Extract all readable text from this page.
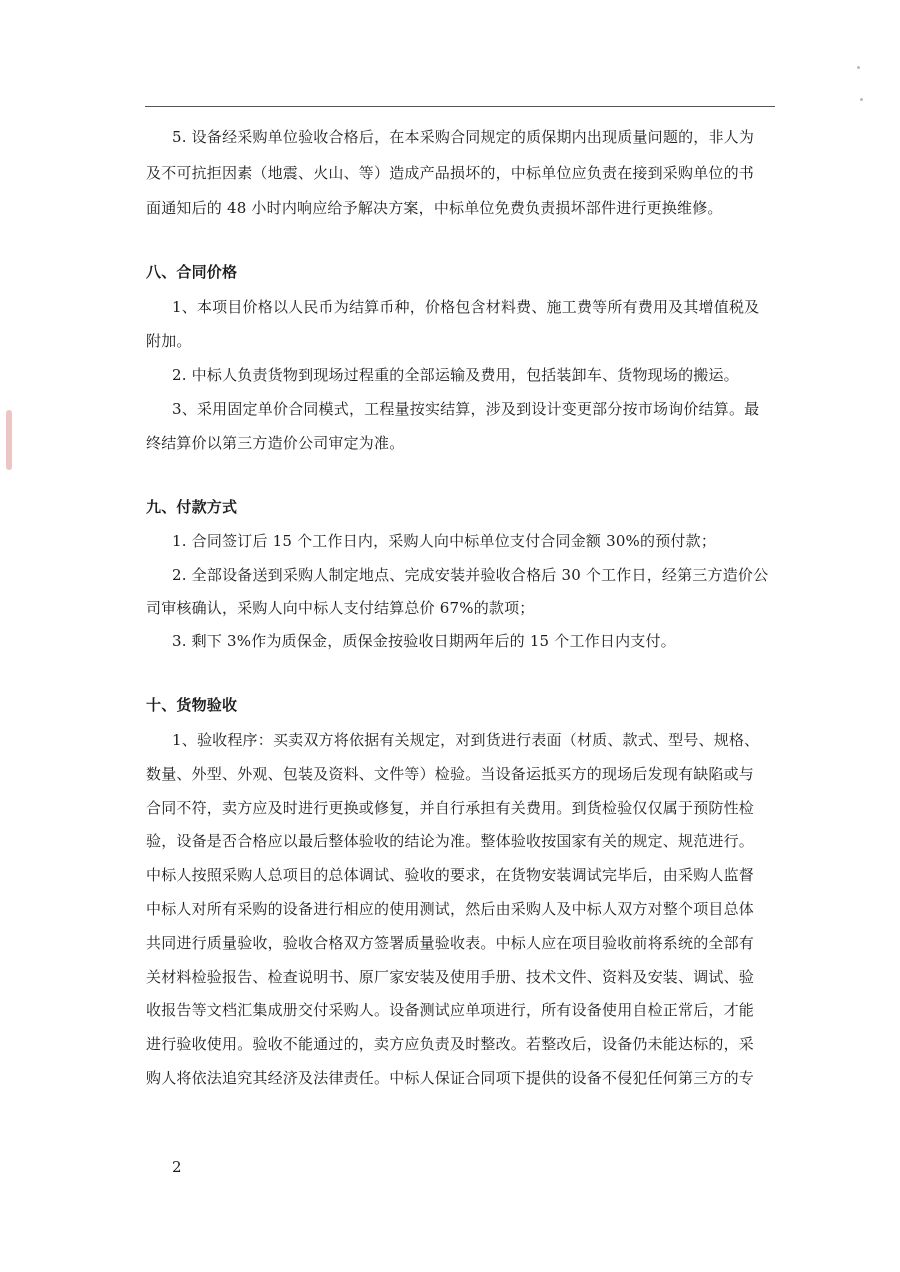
5. 设备经采购单位验收合格后，在本采购合同规定的质保期内出现质量问题的，非人为
及不可抗拒因素（地震、火山、等）造成产品损坏的，中标单位应负责在接到采购单位的书
面通知后的 48 小时内响应给予解决方案，中标单位免费负责损坏部件进行更换维修。
八、合同价格
1、本项目价格以人民币为结算币种，价格包含材料费、施工费等所有费用及其增值税及
附加。
2. 中标人负责货物到现场过程重的全部运输及费用，包括装卸车、货物现场的搬运。
3、采用固定单价合同模式，工程量按实结算，涉及到设计变更部分按市场询价结算。最
终结算价以第三方造价公司审定为准。
九、付款方式
1. 合同签订后 15 个工作日内，采购人向中标单位支付合同金额 30%的预付款；
2. 全部设备送到采购人制定地点、完成安装并验收合格后 30 个工作日，经第三方造价公
司审核确认，采购人向中标人支付结算总价 67%的款项；
3. 剩下 3%作为质保金，质保金按验收日期两年后的 15 个工作日内支付。
十、货物验收
1、验收程序：买卖双方将依据有关规定，对到货进行表面（材质、款式、型号、规格、
数量、外型、外观、包装及资料、文件等）检验。当设备运抵买方的现场后发现有缺陷或与
合同不符，卖方应及时进行更换或修复，并自行承担有关费用。到货检验仅仅属于预防性检
验，设备是否合格应以最后整体验收的结论为准。整体验收按国家有关的规定、规范进行。
中标人按照采购人总项目的总体调试、验收的要求，在货物安装调试完毕后，由采购人监督
中标人对所有采购的设备进行相应的使用测试，然后由采购人及中标人双方对整个项目总体
共同进行质量验收，验收合格双方签署质量验收表。中标人应在项目验收前将系统的全部有
关材料检验报告、检查说明书、原厂家安装及使用手册、技术文件、资料及安装、调试、验
收报告等文档汇集成册交付采购人。设备测试应单项进行，所有设备使用自检正常后，才能
进行验收使用。验收不能通过的，卖方应负责及时整改。若整改后，设备仍未能达标的，采
购人将依法追究其经济及法律责任。中标人保证合同项下提供的设备不侵犯任何第三方的专
2
